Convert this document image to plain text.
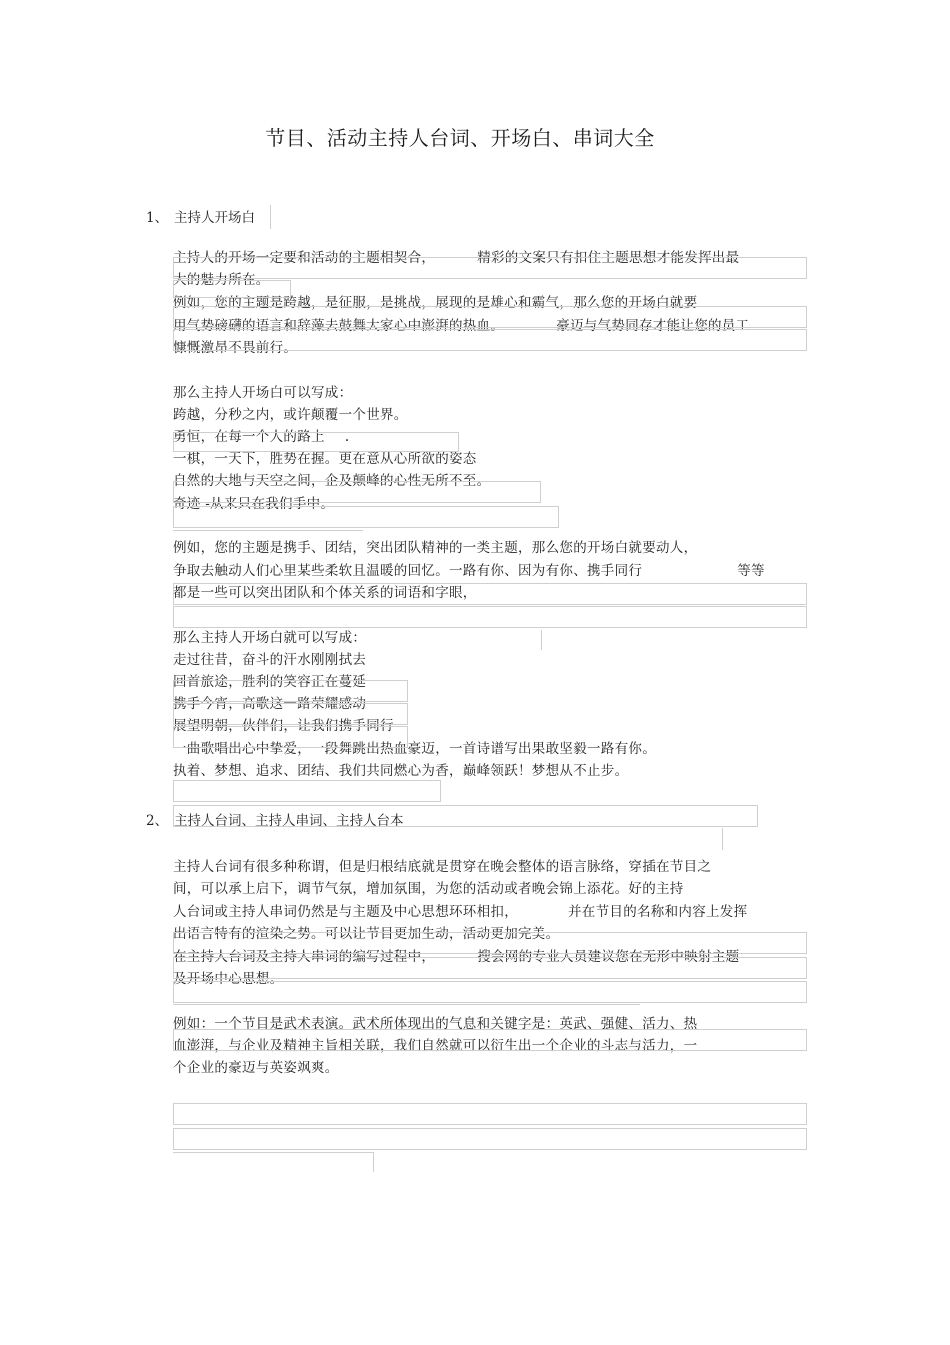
节目、活动主持人台词、开场白、串词大全
1、 主持人开场白
主持人的开场一定要和活动的主题相契合，	精彩的文案只有扣住主题思想才能发挥出最
大的魅力所在。
例如，您的主题是跨越，是征服，是挑战，展现的是雄心和霸气，那么您的开场白就要
用气势磅礴的语言和辞藻去鼓舞大家心中澎湃的热血。	豪迈与气势同存才能让您的员工
慷慨激昂不畏前行。
那么主持人开场白可以写成：
跨越，分秒之内，或许颠覆一个世界。
勇恒，在每一个人的路上 .
一棋，一天下，胜势在握。更在意从心所欲的姿态
自然的大地与天空之间，企及颠峰的心性无所不至。
奇迹 -从来只在我们手中。
例如，您的主题是携手、团结，突出团队精神的一类主题，那么您的开场白就要动人，
争取去触动人们心里某些柔软且温暖的回忆。一路有你、因为有你、携手同行	等等
都是一些可以突出团队和个体关系的词语和字眼，
那么主持人开场白就可以写成：
走过往昔，奋斗的汗水刚刚拭去
回首旅途，胜利的笑容正在蔓延
携手今宵，高歌这一路荣耀感动
展望明朝，伙伴们，让我们携手同行
一曲歌唱出心中挚爱，一段舞跳出热血豪迈，一首诗谱写出果敢坚毅一路有你。
执着、梦想、追求、团结、我们共同燃心为香，巅峰领跃！梦想从不止步。
2、 主持人台词、主持人串词、主持人台本
主持人台词有很多种称谓，但是归根结底就是贯穿在晚会整体的语言脉络，穿插在节目之
间，可以承上启下，调节气氛，增加氛围，为您的活动或者晚会锦上添花。好的主持
人台词或主持人串词仍然是与主题及中心思想环环相扣，	并在节目的名称和内容上发挥
出语言特有的渲染之势。可以让节目更加生动，活动更加完美。
在主持人台词及主持人串词的编写过程中，	搜会网的专业人员建议您在无形中映射主题
及开场中心思想。
例如：一个节目是武术表演。武术所体现出的气息和关键字是：英武、强健、活力、热
血澎湃，与企业及精神主旨相关联，我们自然就可以衍生出一个企业的斗志与活力，一
个企业的豪迈与英姿飒爽。
